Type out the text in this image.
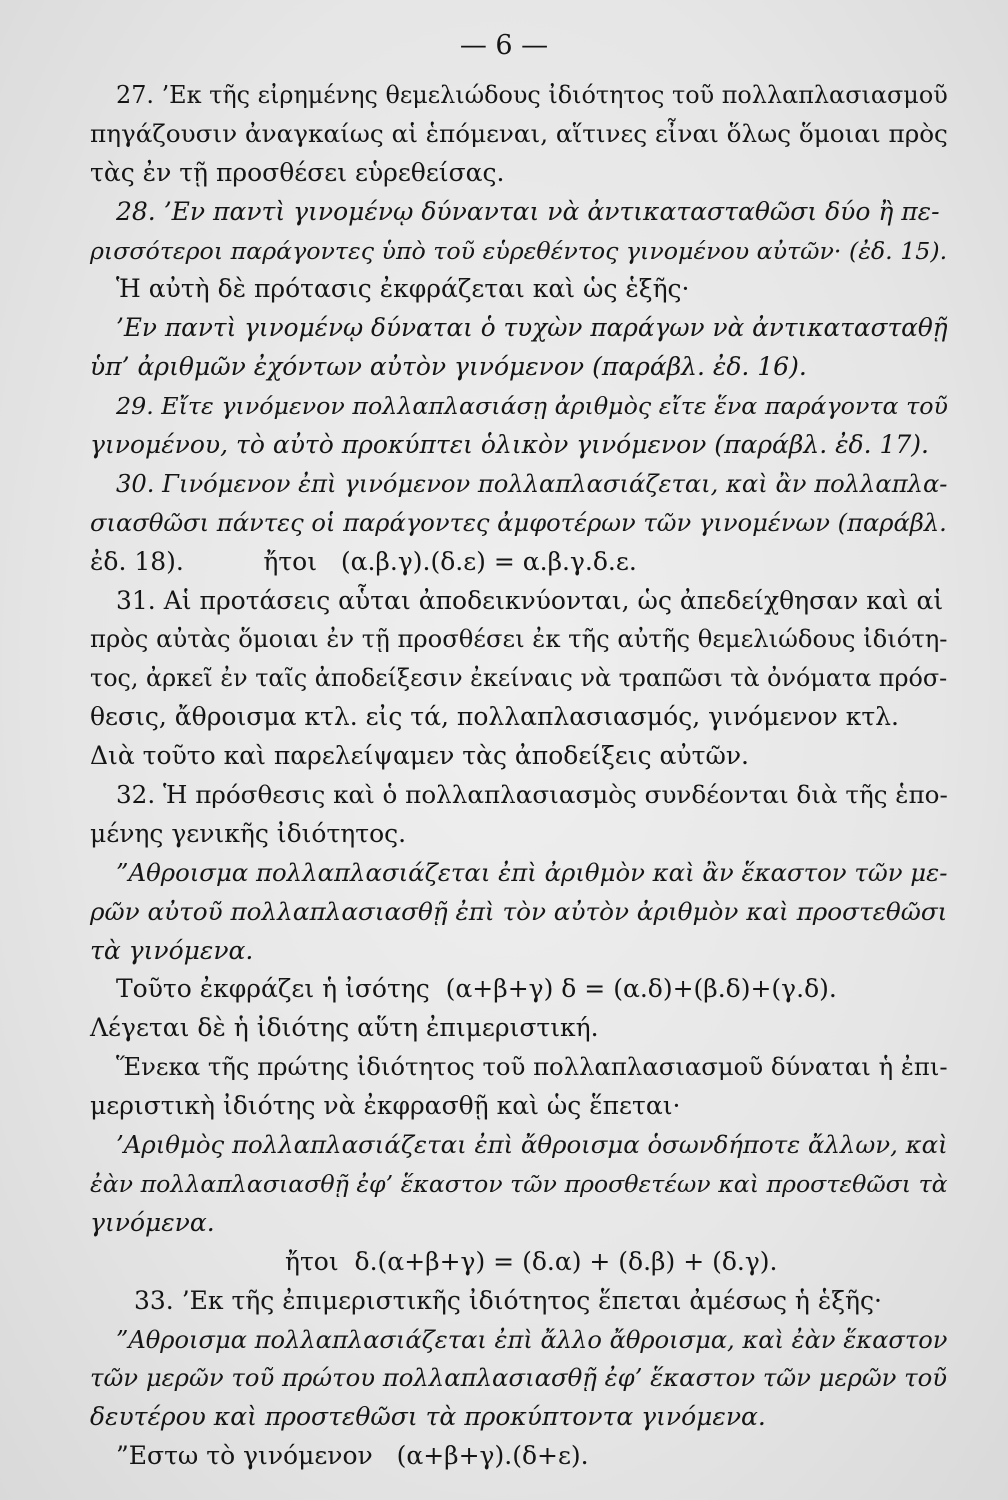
— 6 —
27. ’Εκ τῆς εἰρημένης θεμελιώδους ἰδιότητος τοῦ πολλαπλασιασμοῦ
πηγάζουσιν ἀναγκαίως αἱ ἑπόμεναι, αἵτινες εἶναι ὅλως ὅμοιαι πρὸς
τὰς ἐν τῇ προσθέσει εὑρεθείσας.
28. ’Εν παντὶ γινομένῳ δύνανται νὰ ἀντικατασταθῶσι δύο ἢ πε-
ρισσότεροι παράγοντες ὑπὸ τοῦ εὑρεθέντος γινομένου αὐτῶν· (ἐδ. 15).
Ἡ αὐτὴ δὲ πρότασις ἐκφράζεται καὶ ὡς ἑξῆς·
’Εν παντὶ γινομένῳ δύναται ὁ τυχὼν παράγων νὰ ἀντικατασταθῇ
ὑπ’ ἀριθμῶν ἐχόντων αὐτὸν γινόμενον (παράβλ. ἐδ. 16).
29. Εἴτε γινόμενον πολλαπλασιάσῃ ἀριθμὸς εἴτε ἕνα παράγοντα τοῦ
γινομένου, τὸ αὐτὸ προκύπτει ὁλικὸν γινόμενον (παράβλ. ἐδ. 17).
30. Γινόμενον ἐπὶ γινόμενον πολλαπλασιάζεται, καὶ ἂν πολλαπλα-
σιασθῶσι πάντες οἱ παράγοντες ἀμφοτέρων τῶν γινομένων (παράβλ.
ἐδ. 18).          ἤτοι   (α.β.γ).(δ.ε) = α.β.γ.δ.ε.
31. Αἱ προτάσεις αὗται ἀποδεικνύονται, ὡς ἀπεδείχθησαν καὶ αἱ
πρὸς αὐτὰς ὅμοιαι ἐν τῇ προσθέσει ἐκ τῆς αὐτῆς θεμελιώδους ἰδιότη-
τος, ἀρκεῖ ἐν ταῖς ἀποδείξεσιν ἐκείναις νὰ τραπῶσι τὰ ὀνόματα πρόσ-
θεσις, ἄθροισμα κτλ. εἰς τά, πολλαπλασιασμός, γινόμενον κτλ.
Διὰ τοῦτο καὶ παρελείψαμεν τὰς ἀποδείξεις αὐτῶν.
32. Ἡ πρόσθεσις καὶ ὁ πολλαπλασιασμὸς συνδέονται διὰ τῆς ἑπο-
μένης γενικῆς ἰδιότητος.
”Αθροισμα πολλαπλασιάζεται ἐπὶ ἀριθμὸν καὶ ἂν ἕκαστον τῶν με-
ρῶν αὐτοῦ πολλαπλασιασθῇ ἐπὶ τὸν αὐτὸν ἀριθμὸν καὶ προστεθῶσι
τὰ γινόμενα.
Τοῦτο ἐκφράζει ἡ ἰσότης  (α+β+γ) δ = (α.δ)+(β.δ)+(γ.δ).
Λέγεται δὲ ἡ ἰδιότης αὕτη ἐπιμεριστική.
Ἕνεκα τῆς πρώτης ἰδιότητος τοῦ πολλαπλασιασμοῦ δύναται ἡ ἐπι-
μεριστικὴ ἰδιότης νὰ ἐκφρασθῇ καὶ ὡς ἕπεται·
’Αριθμὸς πολλαπλασιάζεται ἐπὶ ἄθροισμα ὁσωνδήποτε ἄλλων, καὶ
ἐὰν πολλαπλασιασθῇ ἐφ’ ἕκαστον τῶν προσθετέων καὶ προστεθῶσι τὰ
γινόμενα.
ἤτοι  δ.(α+β+γ) = (δ.α) + (δ.β) + (δ.γ).
33. ’Εκ τῆς ἐπιμεριστικῆς ἰδιότητος ἕπεται ἀμέσως ἡ ἑξῆς·
”Αθροισμα πολλαπλασιάζεται ἐπὶ ἄλλο ἄθροισμα, καὶ ἐὰν ἕκαστον
τῶν μερῶν τοῦ πρώτου πολλαπλασιασθῇ ἐφ’ ἕκαστον τῶν μερῶν τοῦ
δευτέρου καὶ προστεθῶσι τὰ προκύπτοντα γινόμενα.
”Εστω τὸ γινόμενον   (α+β+γ).(δ+ε).
